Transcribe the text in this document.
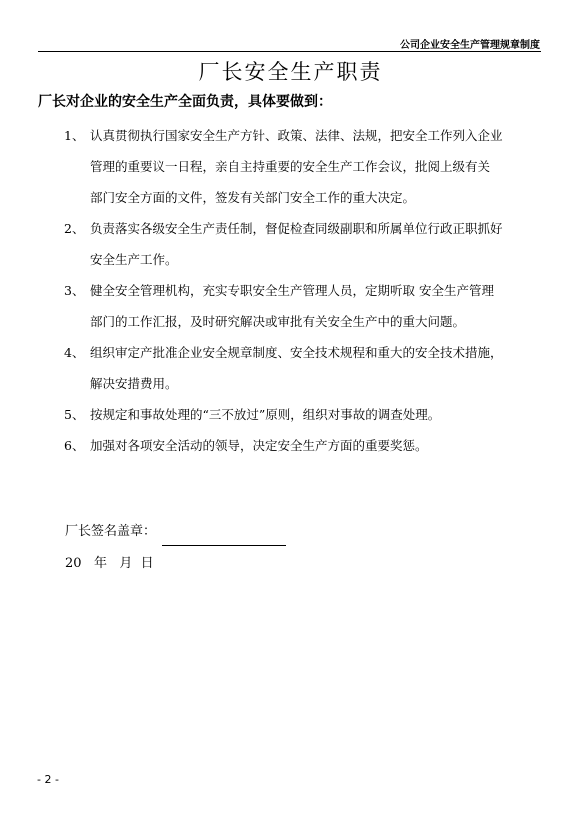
公司企业安全生产管理规章制度
厂长安全生产职责
厂长对企业的安全生产全面负责，具体要做到：
1、 认真贯彻执行国家安全生产方针、政策、法律、法规，把安全工作列入企业
管理的重要议一日程，亲自主持重要的安全生产工作会议，批阅上级有关
部门安全方面的文件，签发有关部门安全工作的重大决定。
2、 负责落实各级安全生产责任制，督促检查同级副职和所属单位行政正职抓好
安全生产工作。
3、 健全安全管理机构，充实专职安全生产管理人员，定期听取 安全生产管理
部门的工作汇报，及时研究解决或审批有关安全生产中的重大问题。
4、 组织审定产批准企业安全规章制度、安全技术规程和重大的安全技术措施，
解决安措费用。
5、 按规定和事故处理的“三不放过”原则，组织对事故的调查处理。
6、 加强对各项安全活动的领导，决定安全生产方面的重要奖惩。
厂长签名盖章：
20   年   月  日
- 2 -
